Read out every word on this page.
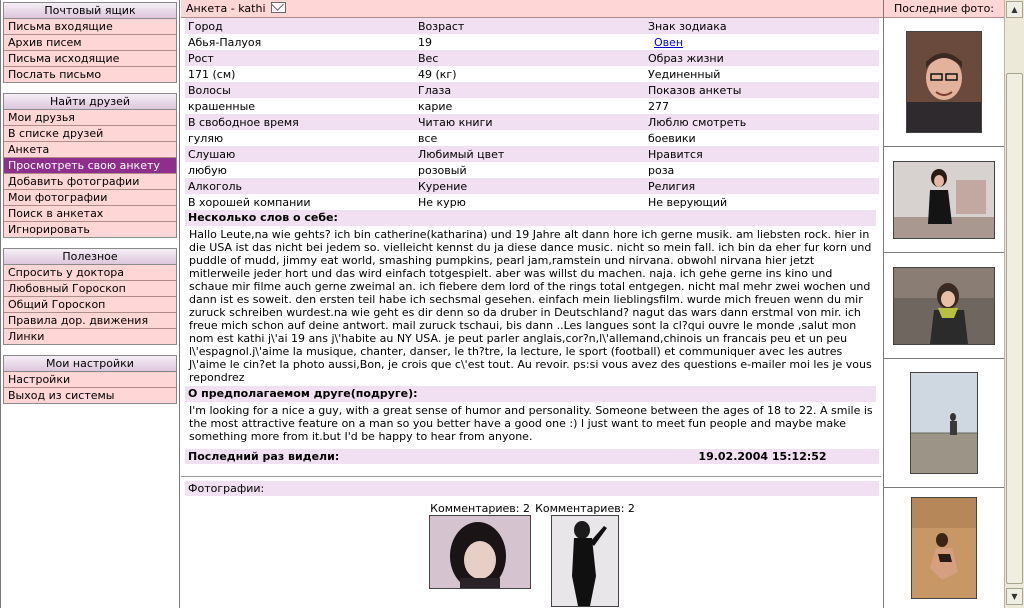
Почтовый ящик
Письма входящие
Архив писем
Письма исходящие
Послать письмо
Найти друзей
Мои друзья
В списке друзей
Анкета
Просмотреть свою анкету
Добавить фотографии
Мои фотографии
Поиск в анкетах
Игнорировать
Полезное
Спросить у доктора
Любовный Гороскоп
Общий Гороскоп
Правила дор. движения
Линки
Мои настройки
Настройки
Выход из системы
Анкета - kathi
Город	Возраст	Знак зодиака
Абья-Палуоя	19	Овен
Рост	Вес	Образ жизни
171 (см)	49 (кг)	Уединенный
Волосы	Глаза	Показов анкеты
крашенные	карие	277
В свободное время	Читаю книги	Люблю смотреть
гуляю	все	боевики
Слушаю	Любимый цвет	Нравится
любую	розовый	роза
Алкоголь	Курение	Религия
В хорошей компании	Не курю	Не верующий
Несколько слов о себе:
Hallo Leute,na wie gehts? ich bin catherine(katharina) und 19 Jahre alt dann hore ich gerne musik. am liebsten rock. hier in die USA ist das nicht bei jedem so. vielleicht kennst du ja diese dance music. nicht so mein fall. ich bin da eher fur korn und puddle of mudd, jimmy eat world, smashing pumpkins, pearl jam,ramstein und nirvana. obwohl nirvana hier jetzt mitlerweile jeder hort und das wird einfach totgespielt. aber was willst du machen. naja. ich gehe gerne ins kino und schaue mir filme auch gerne zweimal an. ich fiebere dem lord of the rings total entgegen. nicht mal mehr zwei wochen und dann ist es soweit. den ersten teil habe ich sechsmal gesehen. einfach mein lieblingsfilm. wurde mich freuen wenn du mir zuruck schreiben wurdest.na wie geht es dir denn so da druber in Deutschland? nagut das wars dann erstmal von mir. ich freue mich schon auf deine antwort. mail zuruck tschaui, bis dann ..Les langues sont la cl?qui ouvre le monde ,salut mon nom est kathi j\'ai 19 ans j\'habite au NY USA. je peut parler anglais,cor?n,l\'allemand,chinois un francais peu et un peu l\'espagnol.j\'aime la musique, chanter, danser, le th?tre, la lecture, le sport (football) et communiquer avec les autres J\'aime le cin?et la photo aussi,Bon, je crois que c\'est tout. Au revoir. ps:si vous avez des questions e-mailer moi les je vous repondrez
О предполагаемом друге(подруге):
I'm looking for a nice a guy, with a great sense of humor and personality. Someone between the ages of 18 to 22. A smile is the most attractive feature on a man so you better have a good one :) I just want to meet fun people and maybe make something more from it.but I'd be happy to hear from anyone.
Последний раз видели:	19.02.2004 15:12:52
Фотографии:
Комментариев: 2 Комментариев: 2
Последние фото:	▲
▼
